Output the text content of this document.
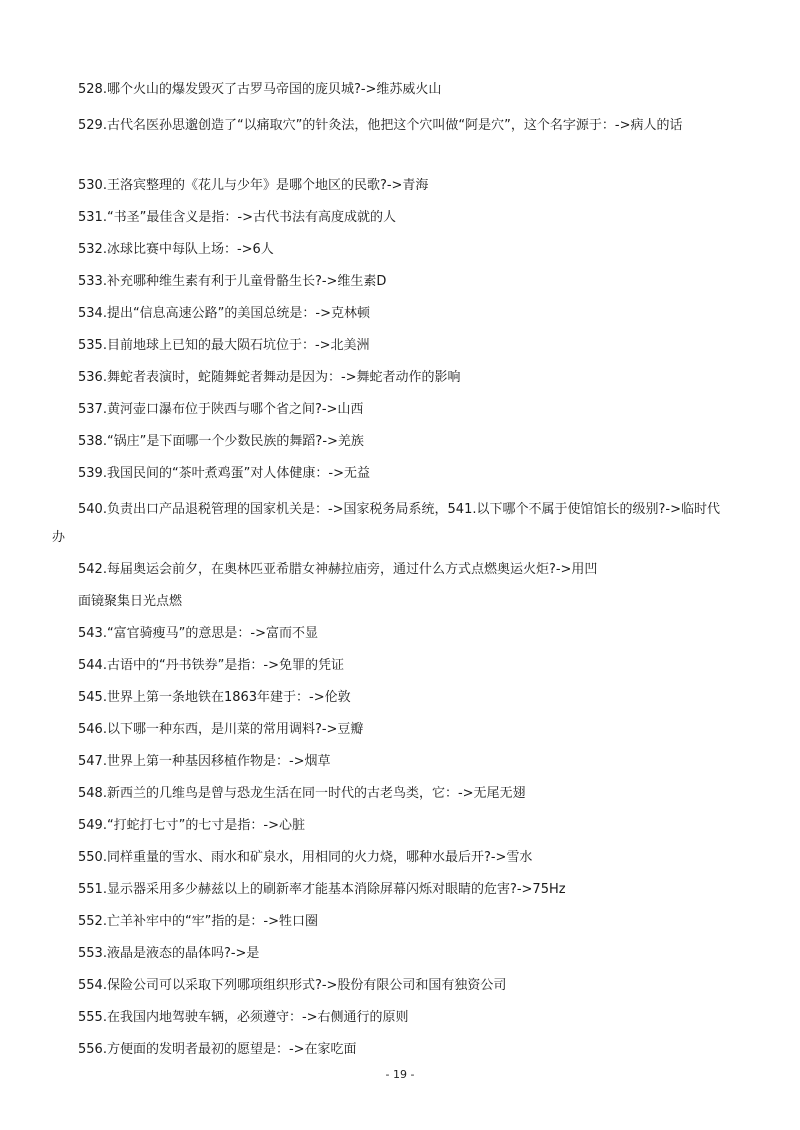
528.哪个火山的爆发毁灭了古罗马帝国的庞贝城?->维苏威火山
529.古代名医孙思邈创造了“以痛取穴”的针灸法，他把这个穴叫做“阿是穴”，这个名字源于：->病人的话
530.王洛宾整理的《花儿与少年》是哪个地区的民歌?->青海
531.“书圣”最佳含义是指：->古代书法有高度成就的人
532.冰球比赛中每队上场：->6人
533.补充哪种维生素有利于儿童骨骼生长?->维生素D
534.提出“信息高速公路”的美国总统是：->克林顿
535.目前地球上已知的最大陨石坑位于：->北美洲
536.舞蛇者表演时，蛇随舞蛇者舞动是因为：->舞蛇者动作的影响
537.黄河壶口瀑布位于陕西与哪个省之间?->山西
538.“锅庄”是下面哪一个少数民族的舞蹈?->羌族
539.我国民间的“茶叶煮鸡蛋”对人体健康：->无益
540.负责出口产品退税管理的国家机关是：->国家税务局系统，541.以下哪个不属于使馆馆长的级别?->临时代办
542.每届奥运会前夕，在奥林匹亚希腊女神赫拉庙旁，通过什么方式点燃奥运火炬?->用凹
面镜聚集日光点燃
543.“富官骑瘦马”的意思是：->富而不显
544.古语中的“丹书铁券”是指：->免罪的凭证
545.世界上第一条地铁在1863年建于：->伦敦
546.以下哪一种东西，是川菜的常用调料?->豆瓣
547.世界上第一种基因移植作物是：->烟草
548.新西兰的几维鸟是曾与恐龙生活在同一时代的古老鸟类，它：->无尾无翅
549.“打蛇打七寸”的七寸是指：->心脏
550.同样重量的雪水、雨水和矿泉水，用相同的火力烧，哪种水最后开?->雪水
551.显示器采用多少赫兹以上的刷新率才能基本消除屏幕闪烁对眼睛的危害?->75Hz
552.亡羊补牢中的“牢”指的是：->牲口圈
553.液晶是液态的晶体吗?->是
554.保险公司可以采取下列哪项组织形式?->股份有限公司和国有独资公司
555.在我国内地驾驶车辆，必须遵守：->右侧通行的原则
556.方便面的发明者最初的愿望是：->在家吃面
- 19 -
